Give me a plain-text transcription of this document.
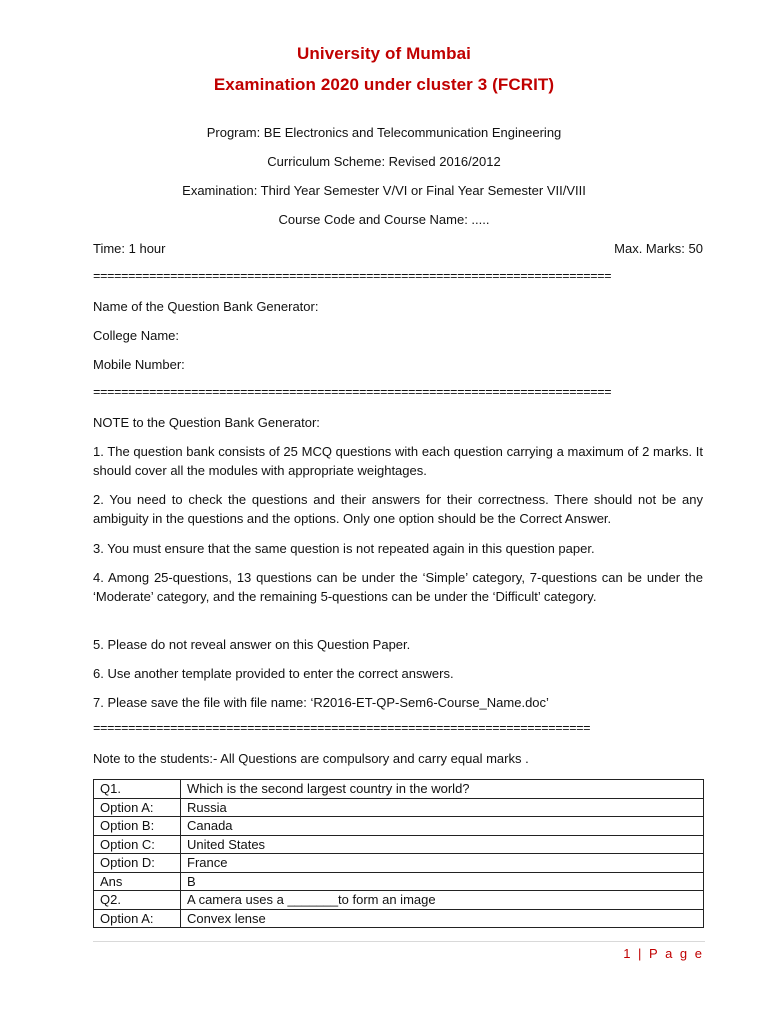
University of Mumbai
Examination 2020 under cluster 3 (FCRIT)
Program: BE Electronics and Telecommunication Engineering
Curriculum Scheme: Revised 2016/2012
Examination: Third Year Semester V/VI or Final Year Semester VII/VIII
Course Code and Course Name: .....
Time: 1 hour	Max. Marks: 50
==========================================================================
Name of the Question Bank Generator:
College Name:
Mobile Number:
==========================================================================
NOTE to the Question Bank Generator:
1. The question bank consists of 25 MCQ questions with each question carrying a maximum of 2 marks. It should cover all the modules with appropriate weightages.
2. You need to check the questions and their answers for their correctness. There should not be any ambiguity in the questions and the options. Only one option should be the Correct Answer.
3. You must ensure that the same question is not repeated again in this question paper.
4. Among 25-questions, 13 questions can be under the ‘Simple’ category, 7-questions can be under the ‘Moderate’ category, and the remaining 5-questions can be under the ‘Difficult’ category.
5. Please do not reveal answer on this Question Paper.
6. Use another template provided to enter the correct answers.
7. Please save the file with file name: ‘R2016-ET-QP-Sem6-Course_Name.doc’
=======================================================================
Note to the students:- All Questions are compulsory and carry equal marks .
Q1.	Which is the second largest country in the world?
Option A:	Russia
Option B:	Canada
Option C:	United States
Option D:	France
Ans	B
Q2.	A camera uses a _______to form an image
Option A:	Convex lense
1 | P a g e
